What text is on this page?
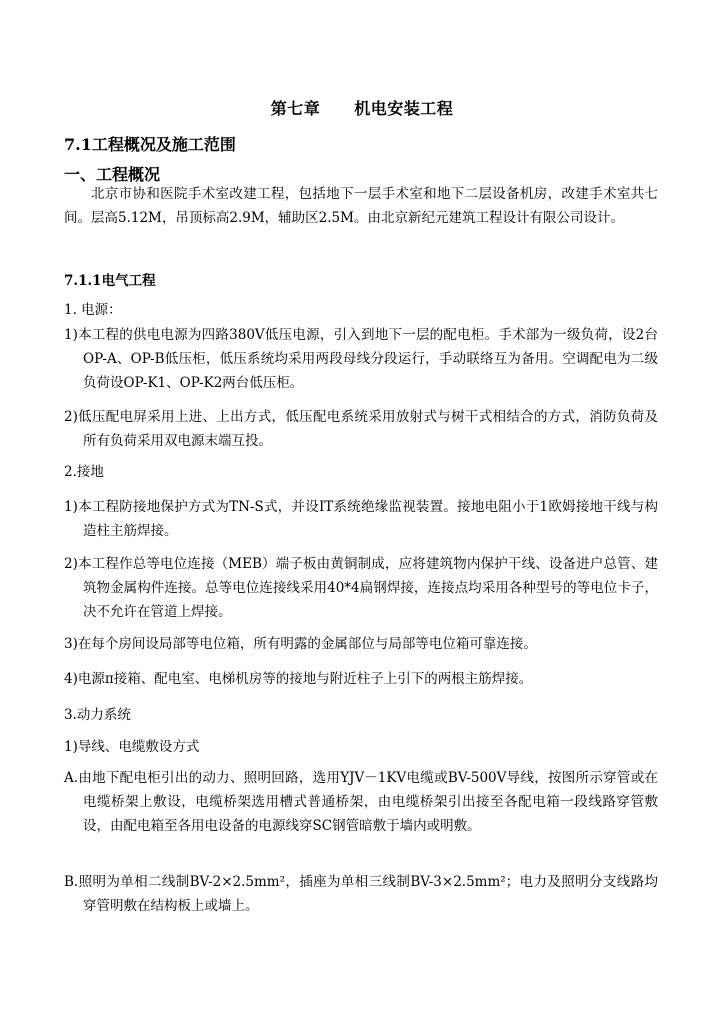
第七章 机电安装工程
7.1工程概况及施工范围
一、工程概况
北京市协和医院手术室改建工程，包括地下一层手术室和地下二层设备机房，改建手术室共七间。层高5.12M，吊顶标高2.9M，辅助区2.5M。由北京新纪元建筑工程设计有限公司设计。
7.1.1电气工程
1. 电源：
1)本工程的供电电源为四路380V低压电源，引入到地下一层的配电柜。手术部为一级负荷，设2台OP-A、OP-B低压柜，低压系统均采用两段母线分段运行，手动联络互为备用。空调配电为二级负荷设OP-K1、OP-K2两台低压柜。
2)低压配电屏采用上进、上出方式，低压配电系统采用放射式与树干式相结合的方式，消防负荷及所有负荷采用双电源末端互投。
2.接地
1)本工程防接地保护方式为TN-S式，并设IT系统绝缘监视装置。接地电阻小于1欧姆接地干线与构造柱主筋焊接。
2)本工程作总等电位连接（MEB）端子板由黄铜制成，应将建筑物内保护干线、设备进户总管、建筑物金属构件连接。总等电位连接线采用40*4扁钢焊接，连接点均采用各种型号的等电位卡子，决不允许在管道上焊接。
3)在每个房间设局部等电位箱，所有明露的金属部位与局部等电位箱可靠连接。
4)电源π接箱、配电室、电梯机房等的接地与附近柱子上引下的两根主筋焊接。
3.动力系统
1)导线、电缆敷设方式
A.由地下配电柜引出的动力、照明回路，选用YJV－1KV电缆或BV-500V导线，按图所示穿管或在电缆桥架上敷设，电缆桥架选用槽式普通桥架，由电缆桥架引出接至各配电箱一段线路穿管敷设，由配电箱至各用电设备的电源线穿SC钢管暗敷于墙内或明敷。
B.照明为单相二线制BV-2×2.5mm²，插座为单相三线制BV-3×2.5mm²；电力及照明分支线路均穿管明敷在结构板上或墙上。
